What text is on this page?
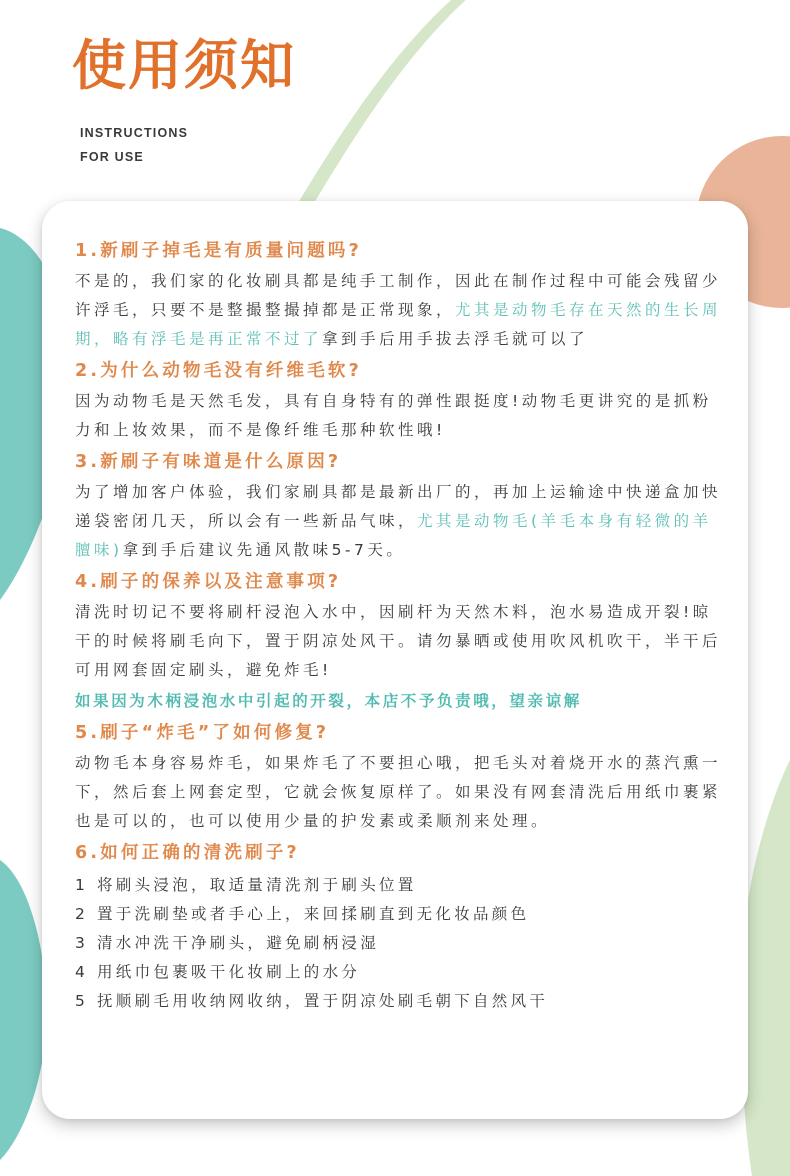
使用须知
INSTRUCTIONS
FOR USE
1.新刷子掉毛是有质量问题吗?
不是的，我们家的化妆刷具都是纯手工制作，因此在制作过程中可能会残留少许浮毛，只要不是整撮整撮掉都是正常现象，尤其是动物毛存在天然的生长周期，略有浮毛是再正常不过了拿到手后用手拔去浮毛就可以了
2.为什么动物毛没有纤维毛软?
因为动物毛是天然毛发，具有自身特有的弹性跟挺度!动物毛更讲究的是抓粉力和上妆效果，而不是像纤维毛那种软性哦!
3.新刷子有味道是什么原因?
为了增加客户体验，我们家刷具都是最新出厂的，再加上运输途中快递盒加快递袋密闭几天，所以会有一些新品气味，尤其是动物毛(羊毛本身有轻微的羊膻味)拿到手后建议先通风散味5-7天。
4.刷子的保养以及注意事项?
清洗时切记不要将刷杆浸泡入水中，因刷杆为天然木料，泡水易造成开裂!晾干的时候将刷毛向下，置于阴凉处风干。请勿暴晒或使用吹风机吹干，半干后可用网套固定刷头，避免炸毛!
如果因为木柄浸泡水中引起的开裂，本店不予负责哦，望亲谅解
5.刷子“炸毛”了如何修复?
动物毛本身容易炸毛，如果炸毛了不要担心哦，把毛头对着烧开水的蒸汽熏一下，然后套上网套定型，它就会恢复原样了。如果没有网套清洗后用纸巾裹紧也是可以的，也可以使用少量的护发素或柔顺剂来处理。
6.如何正确的清洗刷子?
1 将刷头浸泡，取适量清洗剂于刷头位置
2 置于洗刷垫或者手心上，来回揉刷直到无化妆品颜色
3 清水冲洗干净刷头，避免刷柄浸湿
4 用纸巾包裹吸干化妆刷上的水分
5 抚顺刷毛用收纳网收纳，置于阴凉处刷毛朝下自然风干
